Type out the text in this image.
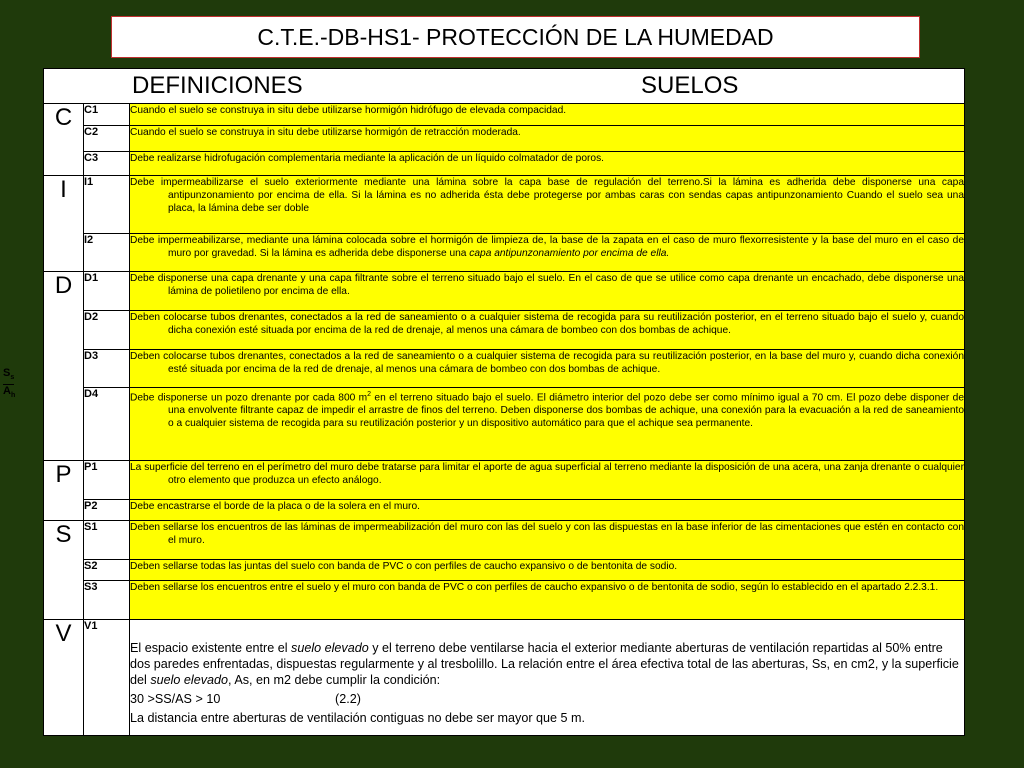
C.T.E.-DB-HS1- PROTECCIÓN DE LA HUMEDAD
$S_s$
$A_h$
DEFINICIONES SUELOS		

C	C1	Cuando el suelo se construya in situ debe utilizarse hormigón hidrófugo de elevada compacidad.

	C2	Cuando el suelo se construya in situ debe utilizarse hormigón de retracción moderada.

	C3	Debe realizarse hidrofugación complementaria mediante la aplicación de un líquido colmatador de poros.

I	I1	Debe impermeabilizarse el suelo exteriormente mediante una lámina sobre la capa base de regulación del terreno.Si la lámina es adherida debe disponerse una capa antipunzonamiento por encima de ella. Si la lámina es no adherida ésta debe protegerse por ambas caras con sendas capas antipunzonamiento Cuando el suelo sea una placa, la lámina debe ser doble

	I2	Debe impermeabilizarse, mediante una lámina colocada sobre el hormigón de limpieza de, la base de la zapata en el caso de muro flexorresistente y la base del muro en el caso de muro por gravedad. Si la lámina es adherida debe disponerse una capa antipunzonamiento por encima de ella.

D	D1	Debe disponerse una capa drenante y una capa filtrante sobre el terreno situado bajo el suelo. En el caso de que se utilice como capa drenante un encachado, debe disponerse una lámina de polietileno por encima de ella.

	D2	Deben colocarse tubos drenantes, conectados a la red de saneamiento o a cualquier sistema de recogida para su reutilización posterior, en el terreno situado bajo el suelo y, cuando dicha conexión esté situada por encima de la red de drenaje, al menos una cámara de bombeo con dos bombas de achique.

	D3	Deben colocarse tubos drenantes, conectados a la red de saneamiento o a cualquier sistema de recogida para su reutilización posterior, en la base del muro y, cuando dicha conexión esté situada por encima de la red de drenaje, al menos una cámara de bombeo con dos bombas de achique.

	D4	Debe disponerse un pozo drenante por cada 800 $m^2$ en el terreno situado bajo el suelo. El diámetro interior del pozo debe ser como mínimo igual a 70 cm. El pozo debe disponer de una envolvente filtrante capaz de impedir el arrastre de finos del terreno. Deben disponerse dos bombas de achique, una conexión para la evacuación a la red de saneamiento o a cualquier sistema de recogida para su reutilización posterior y un dispositivo automático para que el achique sea permanente.

P	P1	La superficie del terreno en el perímetro del muro debe tratarse para limitar el aporte de agua superficial al terreno mediante la disposición de una acera, una zanja drenante o cualquier otro elemento que produzca un efecto análogo.

	P2	Debe encastrarse el borde de la placa o de la solera en el muro.

S	S1	Deben sellarse los encuentros de las láminas de impermeabilización del muro con las del suelo y con las dispuestas en la base inferior de las cimentaciones que estén en contacto con el muro.

	S2	Deben sellarse todas las juntas del suelo con banda de PVC o con perfiles de caucho expansivo o de bentonita de sodio.

	S3	Deben sellarse los encuentros entre el suelo y el muro con banda de PVC o con perfiles de caucho expansivo o de bentonita de sodio, según lo establecido en el apartado 2.2.3.1.

V	V1	El espacio existente entre el suelo elevado y el terreno debe ventilarse hacia el exterior mediante aberturas de ventilación repartidas al 50% entre dos paredes enfrentadas, dispuestas regularmente y al tresbolillo. La relación entre el área efectiva total de las aberturas, Ss, en cm2, y la superficie del suelo elevado, As, en m2 debe cumplir la condición:

30 >SS/AS > 10 (2.2)

La distancia entre aberturas de ventilación contiguas no debe ser mayor que 5 m.
